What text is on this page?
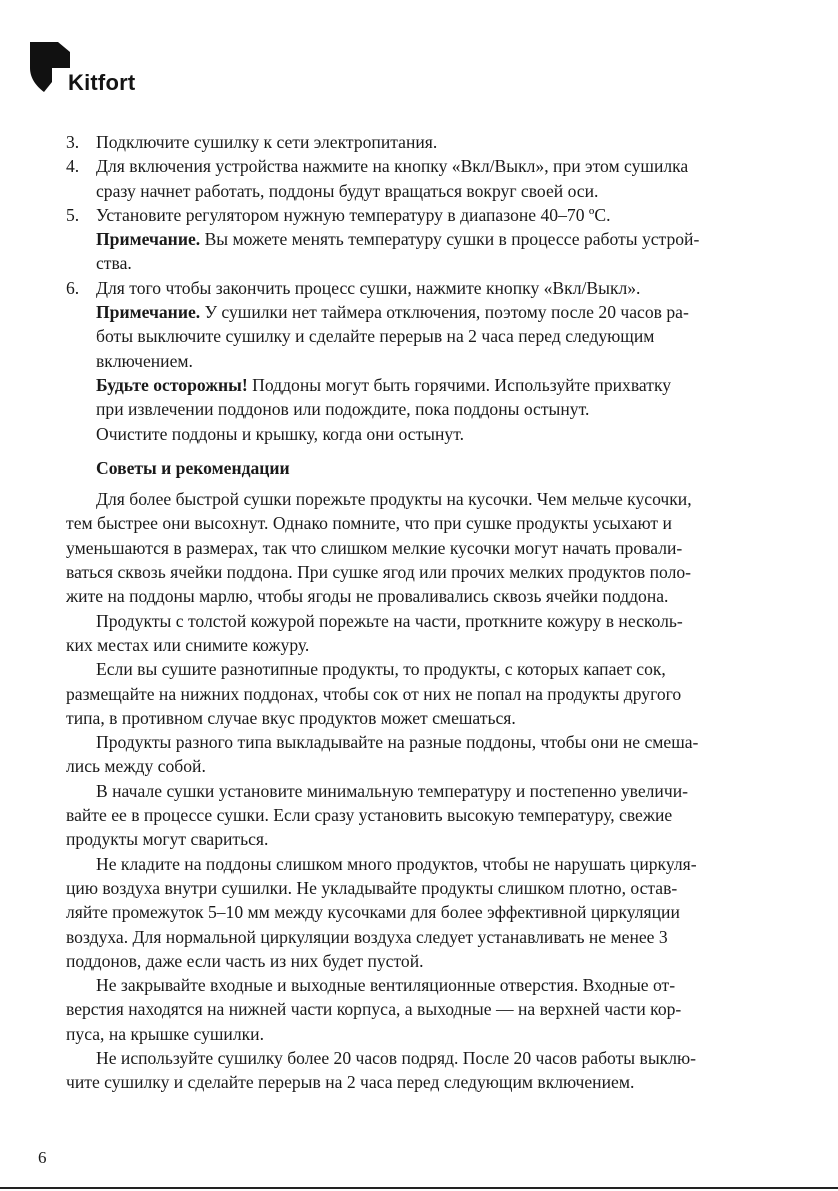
Kitfort
3. Подключите сушилку к сети электропитания.
4. Для включения устройства нажмите на кнопку «Вкл/Выкл», при этом сушилка
сразу начнет работать, поддоны будут вращаться вокруг своей оси.
5. Установите регулятором нужную температуру в диапазоне 40–70 ºС.
Примечание. Вы можете менять температуру сушки в процессе работы устрой-
ства.
6. Для того чтобы закончить процесс сушки, нажмите кнопку «Вкл/Выкл».
Примечание. У сушилки нет таймера отключения, поэтому после 20 часов ра-
боты выключите сушилку и сделайте перерыв на 2 часа перед следующим
включением.
Будьте осторожны! Поддоны могут быть горячими. Используйте прихватку
при извлечении поддонов или подождите, пока поддоны остынут.
Очистите поддоны и крышку, когда они остынут.
Советы и рекомендации
Для более быстрой сушки порежьте продукты на кусочки. Чем мельче кусочки,
тем быстрее они высохнут. Однако помните, что при сушке продукты усыхают и
уменьшаются в размерах, так что слишком мелкие кусочки могут начать провали-
ваться сквозь ячейки поддона. При сушке ягод или прочих мелких продуктов поло-
жите на поддоны марлю, чтобы ягоды не проваливались сквозь ячейки поддона.
Продукты с толстой кожурой порежьте на части, проткните кожуру в несколь-
ких местах или снимите кожуру.
Если вы сушите разнотипные продукты, то продукты, с которых капает сок,
размещайте на нижних поддонах, чтобы сок от них не попал на продукты другого
типа, в противном случае вкус продуктов может смешаться.
Продукты разного типа выкладывайте на разные поддоны, чтобы они не смеша-
лись между собой.
В начале сушки установите минимальную температуру и постепенно увеличи-
вайте ее в процессе сушки. Если сразу установить высокую температуру, свежие
продукты могут свариться.
Не кладите на поддоны слишком много продуктов, чтобы не нарушать циркуля-
цию воздуха внутри сушилки. Не укладывайте продукты слишком плотно, остав-
ляйте промежуток 5–10 мм между кусочками для более эффективной циркуляции
воздуха. Для нормальной циркуляции воздуха следует устанавливать не менее 3
поддонов, даже если часть из них будет пустой.
Не закрывайте входные и выходные вентиляционные отверстия. Входные от-
верстия находятся на нижней части корпуса, а выходные — на верхней части кор-
пуса, на крышке сушилки.
Не используйте сушилку более 20 часов подряд. После 20 часов работы выклю-
чите сушилку и сделайте перерыв на 2 часа перед следующим включением.
6
